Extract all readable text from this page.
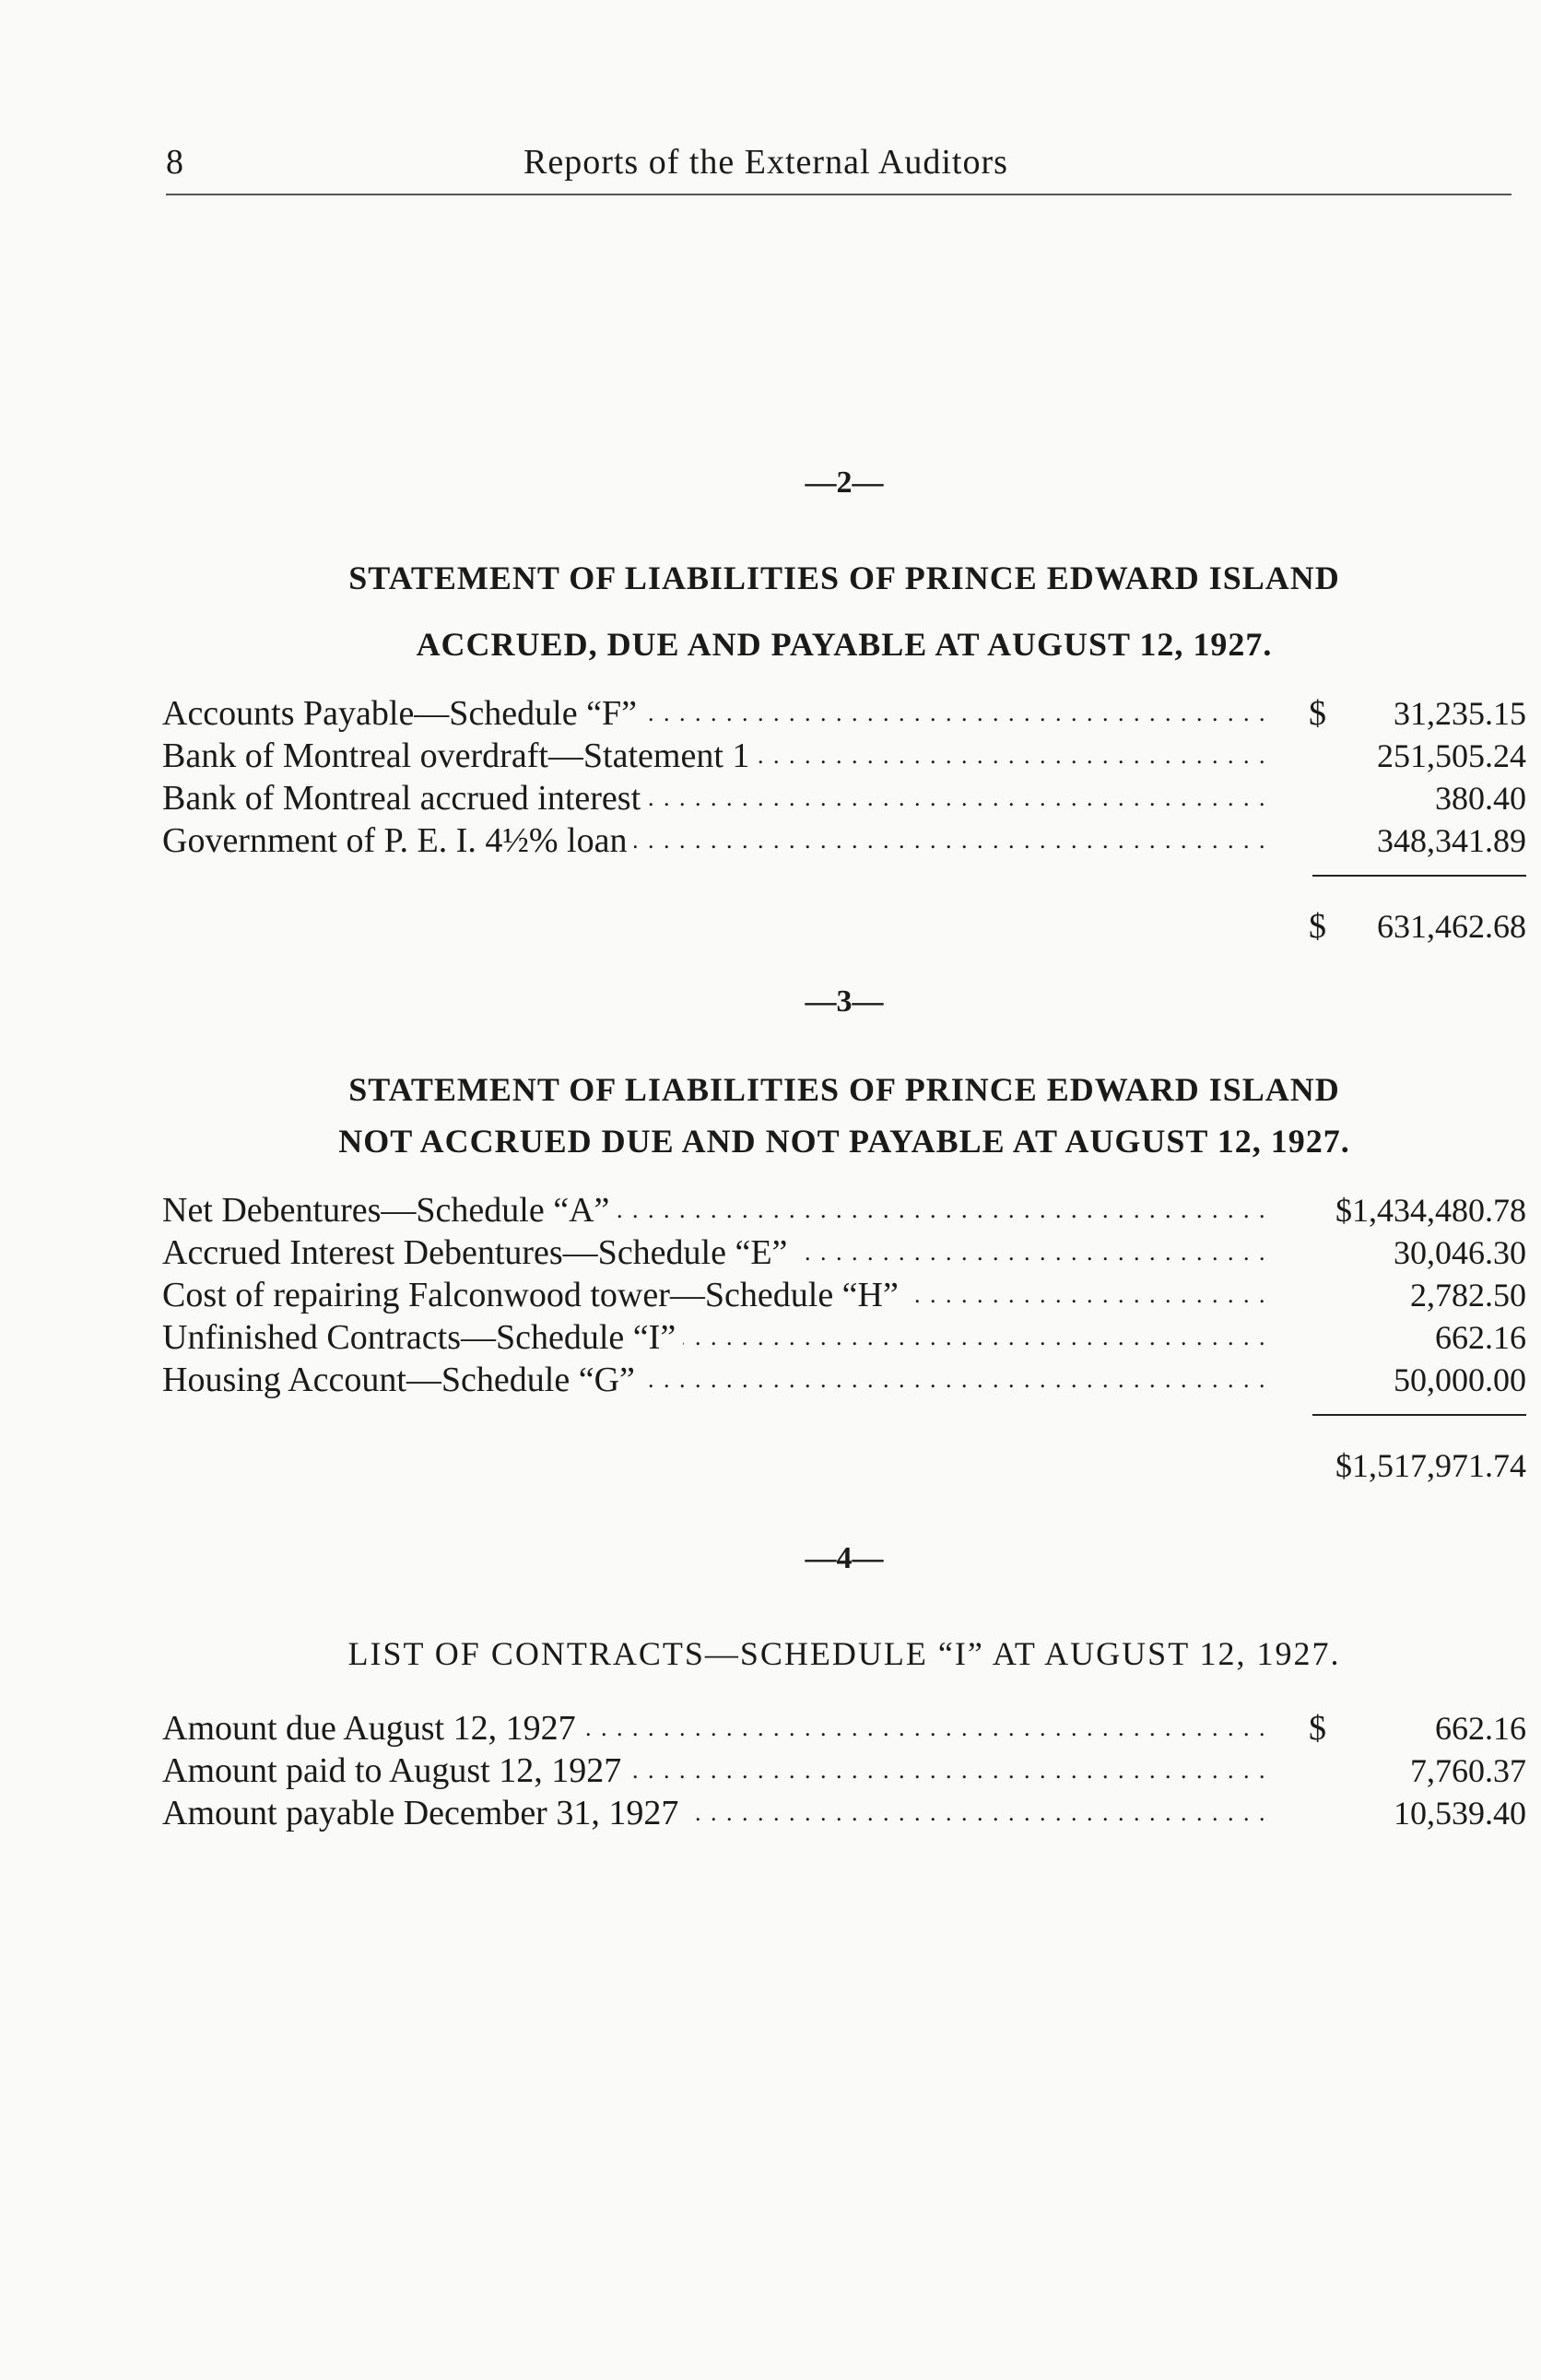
8	Reports of the External Auditors

—2—

STATEMENT OF LIABILITIES OF PRINCE EDWARD ISLAND

ACCRUED, DUE AND PAYABLE AT AUGUST 12, 1927.

Accounts Payable—Schedule “F” . . .	$	31,235.15
Bank of Montreal overdraft—Statement 1 . . .	251,505.24
Bank of Montreal accrued interest . . .	380.40
Government of P. E. I. 4½% loan . . .	348,341.89
$	631,462.68

—3—

STATEMENT OF LIABILITIES OF PRINCE EDWARD ISLAND

NOT ACCRUED DUE AND NOT PAYABLE AT AUGUST 12, 1927.

Net Debentures—Schedule “A” . . .	$1,434,480.78
Accrued Interest Debentures—Schedule “E” . . .	30,046.30
Cost of repairing Falconwood tower—Schedule “H” . . .	2,782.50
Unfinished Contracts—Schedule “I” . . .	662.16
Housing Account—Schedule “G” . . .	50,000.00
$1,517,971.74

—4—

LIST OF CONTRACTS—SCHEDULE “I” AT AUGUST 12, 1927.

Amount due August 12, 1927 . . .	$	662.16
Amount paid to August 12, 1927 . . .	7,760.37
Amount payable December 31, 1927 . . .	10,539.40
